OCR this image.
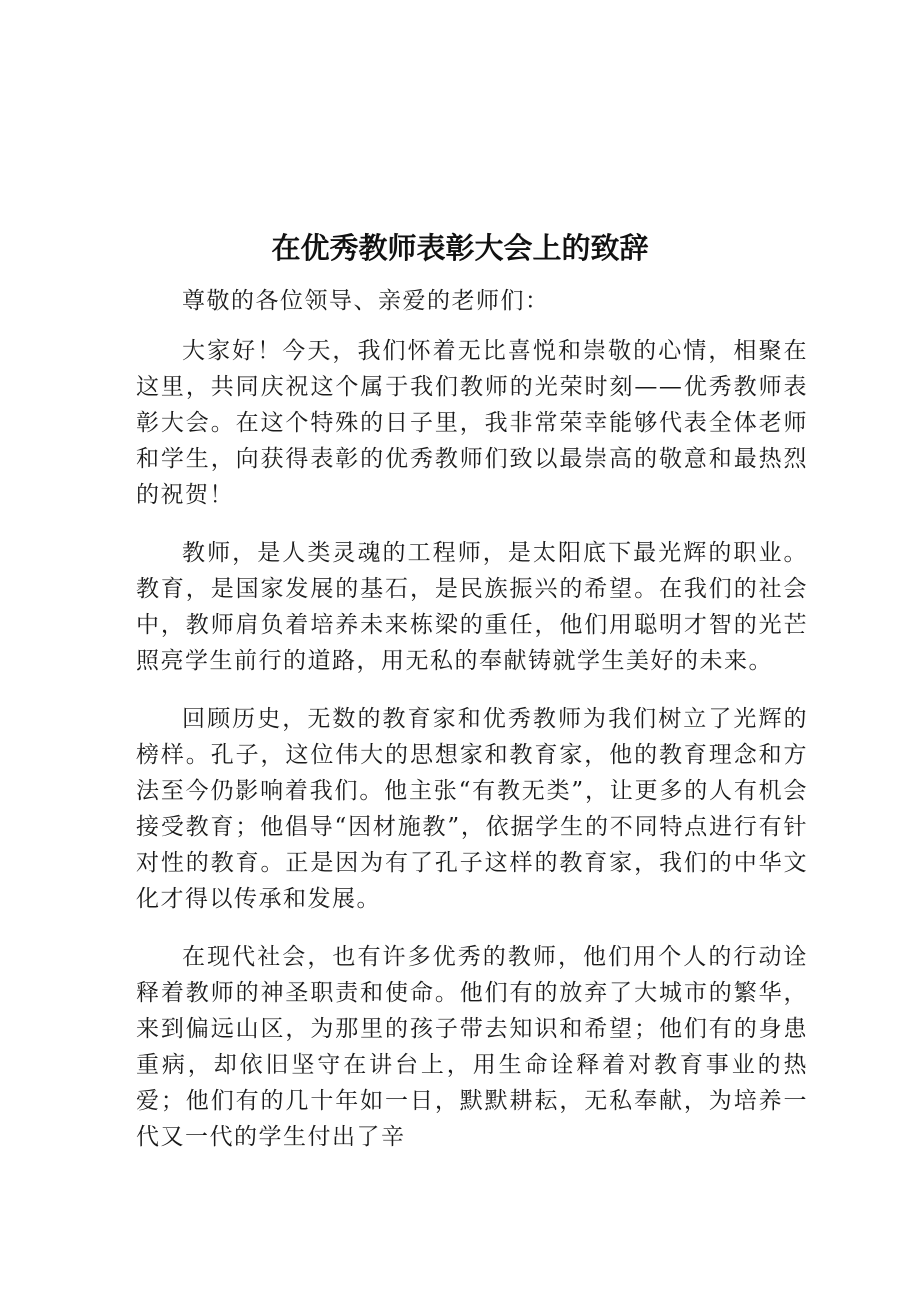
在优秀教师表彰大会上的致辞

尊敬的各位领导、亲爱的老师们：

大家好！今天，我们怀着无比喜悦和崇敬的心情，相聚在这里，共同庆祝这个属于我们教师的光荣时刻——优秀教师表彰大会。在这个特殊的日子里，我非常荣幸能够代表全体老师和学生，向获得表彰的优秀教师们致以最崇高的敬意和最热烈的祝贺！

教师，是人类灵魂的工程师，是太阳底下最光辉的职业。教育，是国家发展的基石，是民族振兴的希望。在我们的社会中，教师肩负着培养未来栋梁的重任，他们用聪明才智的光芒照亮学生前行的道路，用无私的奉献铸就学生美好的未来。

回顾历史，无数的教育家和优秀教师为我们树立了光辉的榜样。孔子，这位伟大的思想家和教育家，他的教育理念和方法至今仍影响着我们。他主张“有教无类”，让更多的人有机会接受教育；他倡导“因材施教”，依据学生的不同特点进行有针对性的教育。正是因为有了孔子这样的教育家，我们的中华文化才得以传承和发展。

在现代社会，也有许多优秀的教师，他们用个人的行动诠释着教师的神圣职责和使命。他们有的放弃了大城市的繁华，来到偏远山区，为那里的孩子带去知识和希望；他们有的身患重病，却依旧坚守在讲台上，用生命诠释着对教育事业的热爱；他们有的几十年如一日，默默耕耘，无私奉献，为培养一代又一代的学生付出了辛
